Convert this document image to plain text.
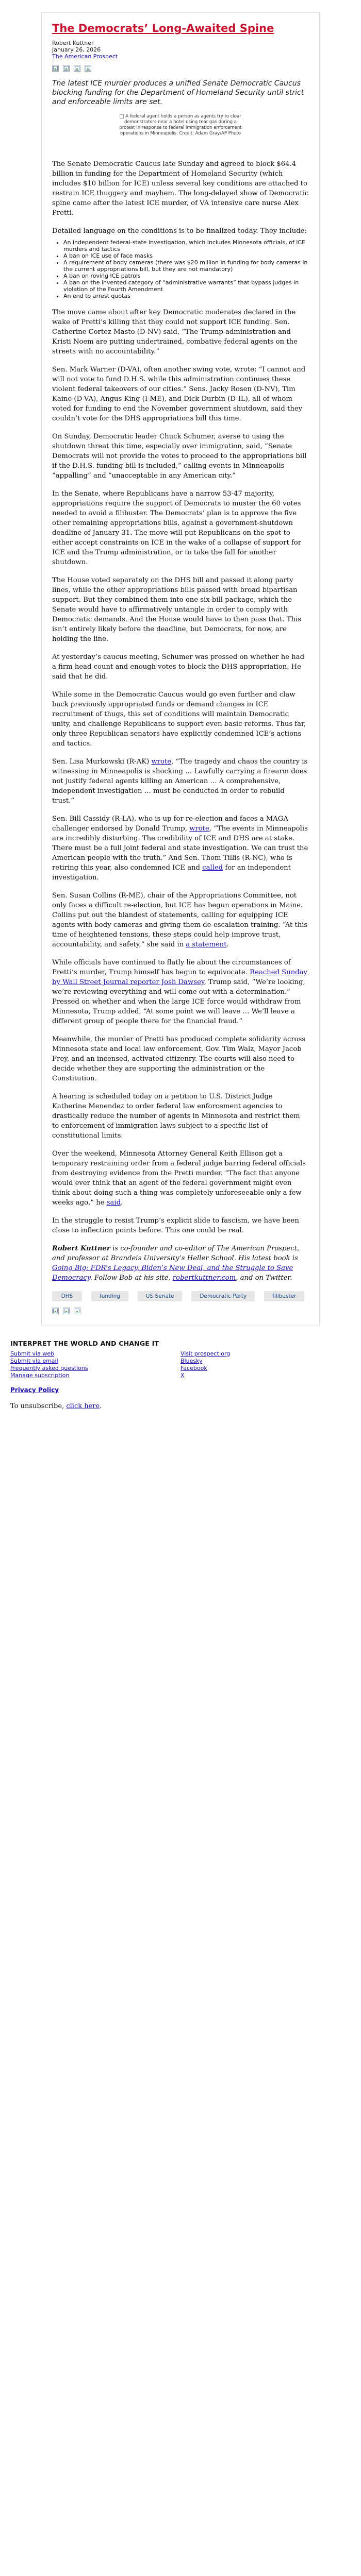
The Democrats’ Long-Awaited Spine
Robert Kuttner
January 26, 2026
The American Prospect

The latest ICE murder produces a unified Senate Democratic Caucus blocking funding for the Department of Homeland Security until strict and enforceable limits are set.

A federal agent holds a person as agents try to clear demonstrators near a hotel using tear gas during a protest in response to federal immigration enforcement operations in Minneapolis. Credit: Adam Gray/AP Photo

The Senate Democratic Caucus late Sunday and agreed to block $64.4 billion in funding for the Department of Homeland Security (which includes $10 billion for ICE) unless several key conditions are attached to restrain ICE thuggery and mayhem. The long-delayed show of Democratic spine came after the latest ICE murder, of VA intensive care nurse Alex Pretti.

Detailed language on the conditions is to be finalized today. They include:

• An independent federal-state investigation, which includes Minnesota officials, of ICE murders and tactics
• A ban on ICE use of face masks
• A requirement of body cameras (there was $20 million in funding for body cameras in the current appropriations bill, but they are not mandatory)
• A ban on roving ICE patrols
• A ban on the invented category of “administrative warrants” that bypass judges in violation of the Fourth Amendment
• An end to arrest quotas

The move came about after key Democratic moderates declared in the wake of Pretti’s killing that they could not support ICE funding. Sen. Catherine Cortez Masto (D-NV) said, “The Trump administration and Kristi Noem are putting undertrained, combative federal agents on the streets with no accountability.”

Sen. Mark Warner (D-VA), often another swing vote, wrote: “I cannot and will not vote to fund D.H.S. while this administration continues these violent federal takeovers of our cities.” Sens. Jacky Rosen (D-NV), Tim Kaine (D-VA), Angus King (I-ME), and Dick Durbin (D-IL), all of whom voted for funding to end the November government shutdown, said they couldn’t vote for the DHS appropriations bill this time.

On Sunday, Democratic leader Chuck Schumer, averse to using the shutdown threat this time, especially over immigration, said, “Senate Democrats will not provide the votes to proceed to the appropriations bill if the D.H.S. funding bill is included,” calling events in Minneapolis “appalling” and “unacceptable in any American city.”

In the Senate, where Republicans have a narrow 53-47 majority, appropriations require the support of Democrats to muster the 60 votes needed to avoid a filibuster. The Democrats’ plan is to approve the five other remaining appropriations bills, against a government-shutdown deadline of January 31. The move will put Republicans on the spot to either accept constraints on ICE in the wake of a collapse of support for ICE and the Trump administration, or to take the fall for another shutdown.

The House voted separately on the DHS bill and passed it along party lines, while the other appropriations bills passed with broad bipartisan support. But they combined them into one six-bill package, which the Senate would have to affirmatively untangle in order to comply with Democratic demands. And the House would have to then pass that. This isn’t entirely likely before the deadline, but Democrats, for now, are holding the line.

At yesterday’s caucus meeting, Schumer was pressed on whether he had a firm head count and enough votes to block the DHS appropriation. He said that he did.

While some in the Democratic Caucus would go even further and claw back previously appropriated funds or demand changes in ICE recruitment of thugs, this set of conditions will maintain Democratic unity, and challenge Republicans to support even basic reforms. Thus far, only three Republican senators have explicitly condemned ICE’s actions and tactics.

Sen. Lisa Murkowski (R-AK) wrote, “The tragedy and chaos the country is witnessing in Minneapolis is shocking … Lawfully carrying a firearm does not justify federal agents killing an American … A comprehensive, independent investigation … must be conducted in order to rebuild trust.”

Sen. Bill Cassidy (R-LA), who is up for re-election and faces a MAGA challenger endorsed by Donald Trump, wrote, “The events in Minneapolis are incredibly disturbing. The credibility of ICE and DHS are at stake. There must be a full joint federal and state investigation. We can trust the American people with the truth.” And Sen. Thom Tillis (R-NC), who is retiring this year, also condemned ICE and called for an independent investigation.

Sen. Susan Collins (R-ME), chair of the Appropriations Committee, not only faces a difficult re-election, but ICE has begun operations in Maine. Collins put out the blandest of statements, calling for equipping ICE agents with body cameras and giving them de-escalation training. “At this time of heightened tensions, these steps could help improve trust, accountability, and safety,” she said in a statement.

While officials have continued to flatly lie about the circumstances of Pretti’s murder, Trump himself has begun to equivocate. Reached Sunday by Wall Street Journal reporter Josh Dawsey, Trump said, “We’re looking, we’re reviewing everything and will come out with a determination.” Pressed on whether and when the large ICE force would withdraw from Minnesota, Trump added, “At some point we will leave … We’ll leave a different group of people there for the financial fraud.”

Meanwhile, the murder of Pretti has produced complete solidarity across Minnesota state and local law enforcement, Gov. Tim Walz, Mayor Jacob Frey, and an incensed, activated citizenry. The courts will also need to decide whether they are supporting the administration or the Constitution.

A hearing is scheduled today on a petition to U.S. District Judge Katherine Menendez to order federal law enforcement agencies to drastically reduce the number of agents in Minnesota and restrict them to enforcement of immigration laws subject to a specific list of constitutional limits.

Over the weekend, Minnesota Attorney General Keith Ellison got a temporary restraining order from a federal judge barring federal officials from destroying evidence from the Pretti murder. “The fact that anyone would ever think that an agent of the federal government might even think about doing such a thing was completely unforeseeable only a few weeks ago,” he said.

In the struggle to resist Trump’s explicit slide to fascism, we have been close to inflection points before. This one could be real.

Robert Kuttner is co-founder and co-editor of The American Prospect, and professor at Brandeis University’s Heller School. His latest book is Going Big: FDR’s Legacy, Biden’s New Deal, and the Struggle to Save Democracy. Follow Bob at his site, robertkuttner.com, and on Twitter.

DHS	funding	US Senate	Democratic Party	filibuster
INTERPRET THE WORLD AND CHANGE IT
Submit via web
Submit via email
Frequently asked questions
Manage subscription
Visit prospect.org
Bluesky
Facebook
X
Privacy Policy
To unsubscribe, click here.
